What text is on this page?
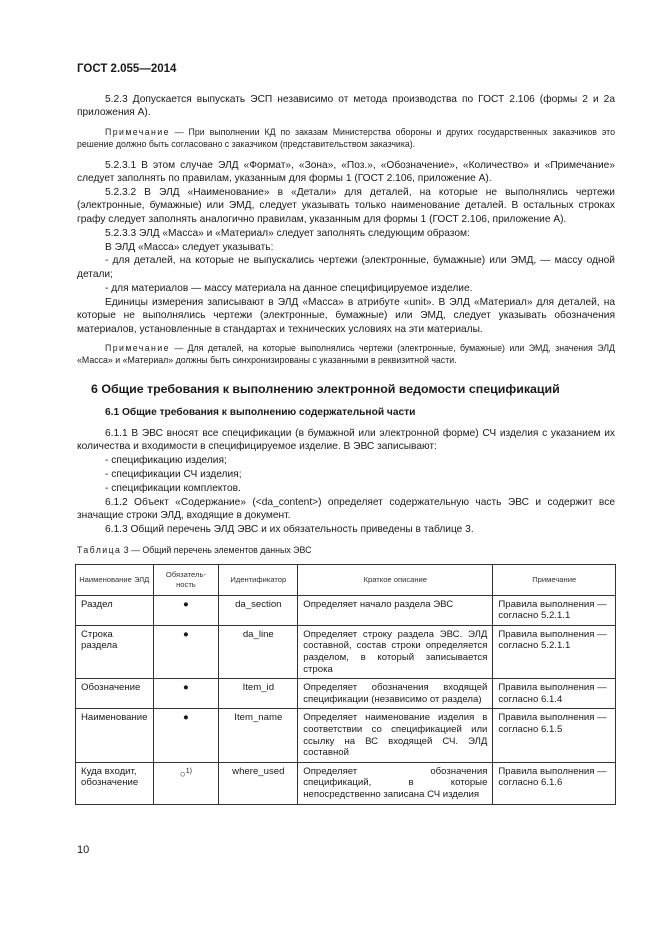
ГОСТ 2.055—2014

5.2.3 Допускается выпускать ЭСП независимо от метода производства по ГОСТ 2.106 (формы 2 и 2а приложения А).

Примечание — При выполнении КД по заказам Министерства обороны и других государственных заказчиков это решение должно быть согласовано с заказчиком (представительством заказчика).

5.2.3.1 В этом случае ЭЛД «Формат», «Зона», «Поз.», «Обозначение», «Количество» и «Примечание» следует заполнять по правилам, указанным для формы 1 (ГОСТ 2.106, приложение А).

5.2.3.2 В ЭЛД «Наименование» в «Детали» для деталей, на которые не выполнялись чертежи (электронные, бумажные) или ЭМД, следует указывать только наименование деталей. В остальных строках графу следует заполнять аналогично правилам, указанным для формы 1 (ГОСТ 2.106, приложение А).

5.2.3.3 ЭЛД «Масса» и «Материал» следует заполнять следующим образом:

В ЭЛД «Масса» следует указывать:

- для деталей, на которые не выпускались чертежи (электронные, бумажные) или ЭМД, — массу одной детали;

- для материалов — массу материала на данное специфицируемое изделие.

Единицы измерения записывают в ЭЛД «Масса» в атрибуте «unit». В ЭЛД «Материал» для деталей, на которые не выполнялись чертежи (электронные, бумажные) или ЭМД, следует указывать обозначения материалов, установленные в стандартах и технических условиях на эти материалы.

Примечание — Для деталей, на которые выполнялись чертежи (электронные, бумажные) или ЭМД, значения ЭЛД «Масса» и «Материал» должны быть синхронизированы с указанными в реквизитной части.

6 Общие требования к выполнению электронной ведомости спецификаций
6.1 Общие требования к выполнению содержательной части

6.1.1 В ЭВС вносят все спецификации (в бумажной или электронной форме) СЧ изделия с указанием их количества и входимости в специфицируемое изделие. В ЭВС записывают:

- спецификацию изделия;

- спецификации СЧ изделия;

- спецификации комплектов.

6.1.2 Объект «Содержание» (<da_content>) определяет содержательную часть ЭВС и содержит все значащие строки ЭЛД, входящие в документ.

6.1.3 Общий перечень ЭЛД ЭВС и их обязательность приведены в таблице 3.

Таблица 3 — Общий перечень элементов данных ЭВС
Наименование ЭЛД	Обязатель-ность	Идентификатор	Краткое описание	Примечание
Раздел	●	da_section	Определяет начало раздела ЭВС	Правила выполнения — согласно 5.2.1.1
Строка раздела	●	da_line	Определяет строку раздела ЭВС. ЭЛД составной, состав строки определяется разделом, в который записывается строка	Правила выполнения — согласно 5.2.1.1
Обозначение	●	Item_id	Определяет обозначения входящей спецификации (независимо от раздела)	Правила выполнения — согласно 6.1.4
Наименование	●	Item_name	Определяет наименование изделия в соответствии со спецификацией или ссылку на ВС входящей СЧ. ЭЛД составной	Правила выполнения — согласно 6.1.5
Куда входит, обозначение	○$^{1)}$	where_used	Определяет обозначения спецификаций, в которые непосредственно записана СЧ изделия	Правила выполнения — согласно 6.1.6
10
